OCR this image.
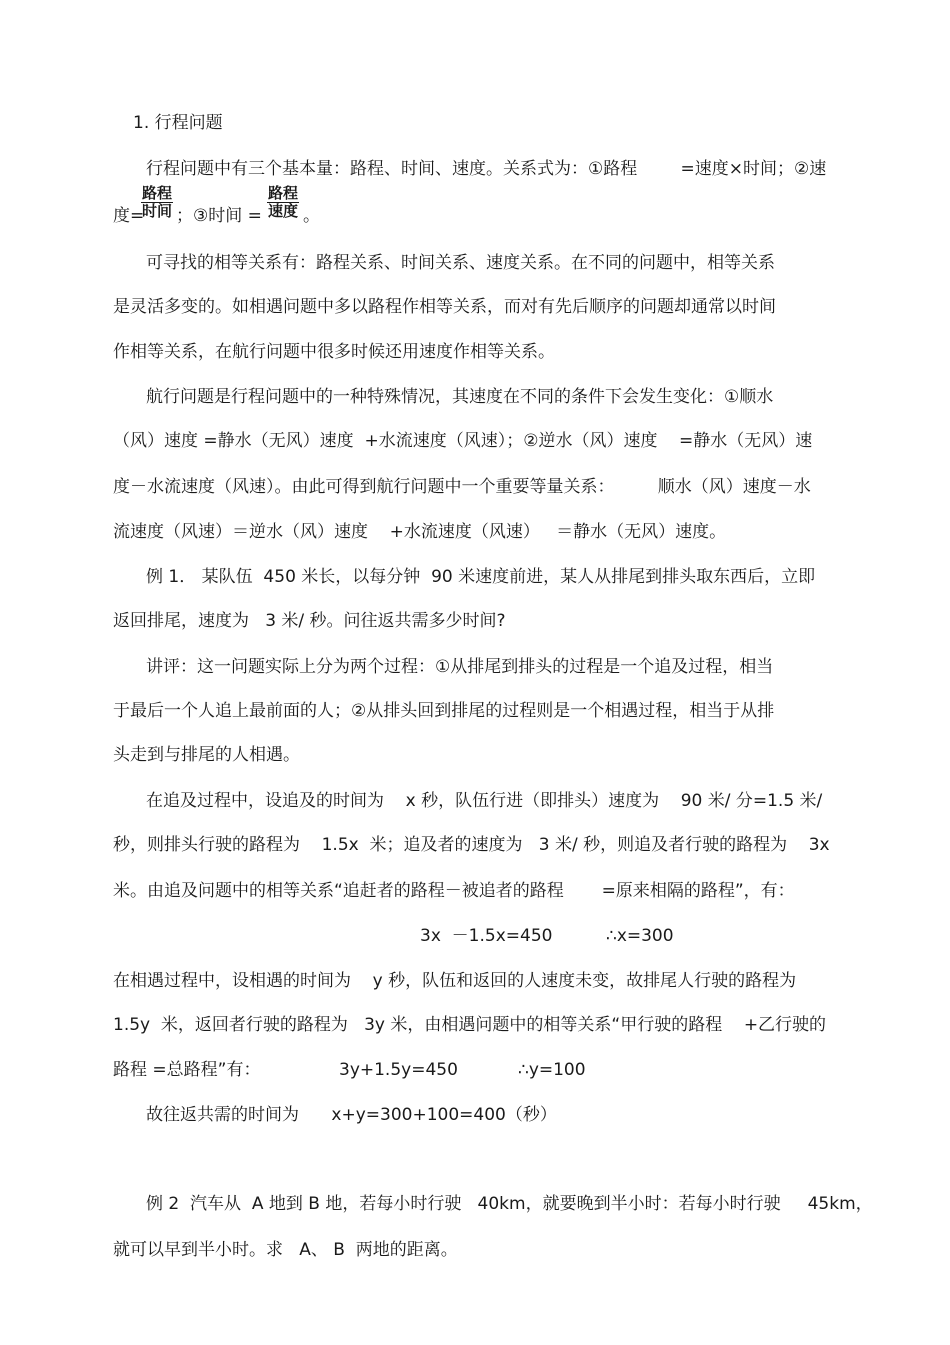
1. 行程问题
行程问题中有三个基本量：路程、时间、速度。关系式为：①路程        =速度×时间；②速
度=
路程
时间 ；③时间 =
路程
速度 。
可寻找的相等关系有：路程关系、时间关系、速度关系。在不同的问题中，相等关系
是灵活多变的。如相遇问题中多以路程作相等关系，而对有先后顺序的问题却通常以时间
作相等关系，在航行问题中很多时候还用速度作相等关系。
航行问题是行程问题中的一种特殊情况，其速度在不同的条件下会发生变化：①顺水
（风）速度 =静水（无风）速度  +水流速度（风速）；②逆水（风）速度    =静水（无风）速
度－水流速度（风速）。由此可得到航行问题中一个重要等量关系：        顺水（风）速度－水
流速度（风速）＝逆水（风）速度    +水流速度（风速）   ＝静水（无风）速度。
例 1． 某队伍  450 米长，以每分钟  90 米速度前进，某人从排尾到排头取东西后，立即
返回排尾，速度为   3 米/ 秒。问往返共需多少时间?
讲评：这一问题实际上分为两个过程：①从排尾到排头的过程是一个追及过程，相当
于最后一个人追上最前面的人；②从排头回到排尾的过程则是一个相遇过程，相当于从排
头走到与排尾的人相遇。
在追及过程中，设追及的时间为    x 秒，队伍行进（即排头）速度为    90 米/ 分=1.5 米/
秒，则排头行驶的路程为    1.5x  米；追及者的速度为   3 米/ 秒，则追及者行驶的路程为    3x
米。由追及问题中的相等关系“追赶者的路程－被追者的路程       =原来相隔的路程”，有：
3x  －1.5x=450	∴x=300
在相遇过程中，设相遇的时间为    y 秒，队伍和返回的人速度未变，故排尾人行驶的路程为
1.5y  米，返回者行驶的路程为   3y 米，由相遇问题中的相等关系“甲行驶的路程    +乙行驶的
路程 =总路程”有：	3y+1.5y=450	∴y=100
故往返共需的时间为      x+y=300+100=400（秒）
例 2  汽车从  A 地到 B 地，若每小时行驶   40km，就要晚到半小时：若每小时行驶     45km，
就可以早到半小时。求   A、 B  两地的距离。
